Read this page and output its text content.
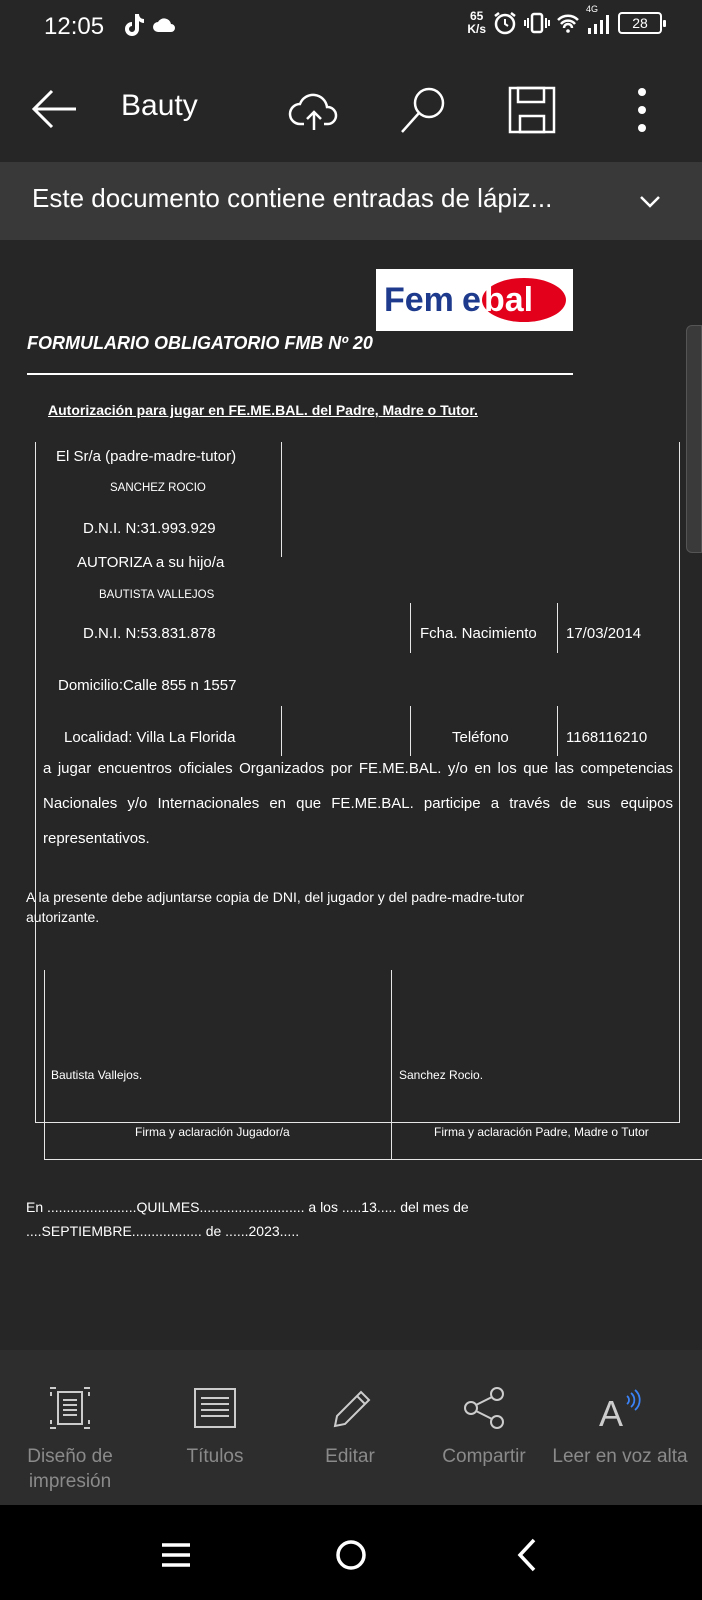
12:05	65
K/s
4G
28
Bauty
Este documento contiene entradas de lápiz...
Fem e bal
FORMULARIO OBLIGATORIO FMB Nº 20
Autorización para jugar en FE.ME.BAL. del Padre, Madre o Tutor.
El Sr/a (padre-madre-tutor)
SANCHEZ ROCIO
D.N.I. N:31.993.929
AUTORIZA a su hijo/a
BAUTISTA VALLEJOS
D.N.I. N:53.831.878	Fcha. Nacimiento 17/03/2014
Domicilio:Calle 855 n 1557
Localidad: Villa La Florida	Teléfono	1168116210
a jugar encuentros oficiales Organizados por FE.ME.BAL. y/o en los que las competencias Nacionales y/o Internacionales en que FE.ME.BAL. participe a través de sus equipos representativos.
A la presente debe adjuntarse copia de DNI, del jugador y del padre-madre-tutor autorizante.
Bautista Vallejos.	Sanchez Rocio.
Firma y aclaración Jugador/a	Firma y aclaración Padre, Madre o Tutor
En .......................QUILMES........................... a los .....13..... del mes de
....SEPTIEMBRE.................. de ......2023.....
Diseño de impresión
Títulos	Editar	Compartir
A
Leer en voz alta
